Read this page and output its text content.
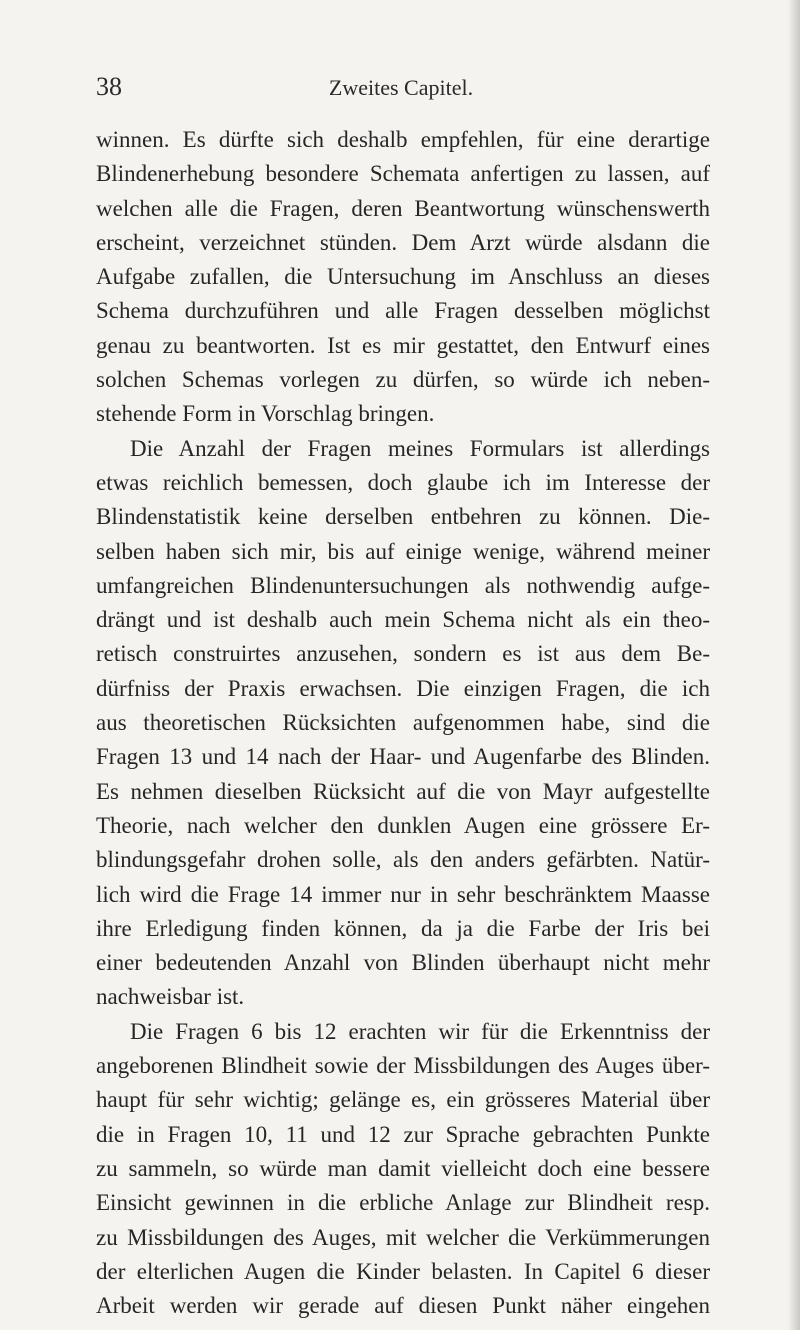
38	Zweites Capitel.
winnen. Es dürfte sich deshalb empfehlen, für eine derartige
Blindenerhebung besondere Schemata anfertigen zu lassen, auf
welchen alle die Fragen, deren Beantwortung wünschenswerth
erscheint, verzeichnet stünden. Dem Arzt würde alsdann die
Aufgabe zufallen, die Untersuchung im Anschluss an dieses
Schema durchzuführen und alle Fragen desselben möglichst
genau zu beantworten. Ist es mir gestattet, den Entwurf eines
solchen Schemas vorlegen zu dürfen, so würde ich neben-
stehende Form in Vorschlag bringen.
Die Anzahl der Fragen meines Formulars ist allerdings
etwas reichlich bemessen, doch glaube ich im Interesse der
Blindenstatistik keine derselben entbehren zu können. Die-
selben haben sich mir, bis auf einige wenige, während meiner
umfangreichen Blindenuntersuchungen als nothwendig aufge-
drängt und ist deshalb auch mein Schema nicht als ein theo-
retisch construirtes anzusehen, sondern es ist aus dem Be-
dürfniss der Praxis erwachsen. Die einzigen Fragen, die ich
aus theoretischen Rücksichten aufgenommen habe, sind die
Fragen 13 und 14 nach der Haar- und Augenfarbe des Blinden.
Es nehmen dieselben Rücksicht auf die von Mayr aufgestellte
Theorie, nach welcher den dunklen Augen eine grössere Er-
blindungsgefahr drohen solle, als den anders gefärbten. Natür-
lich wird die Frage 14 immer nur in sehr beschränktem Maasse
ihre Erledigung finden können, da ja die Farbe der Iris bei
einer bedeutenden Anzahl von Blinden überhaupt nicht mehr
nachweisbar ist.
Die Fragen 6 bis 12 erachten wir für die Erkenntniss der
angeborenen Blindheit sowie der Missbildungen des Auges über-
haupt für sehr wichtig; gelänge es, ein grösseres Material über
die in Fragen 10, 11 und 12 zur Sprache gebrachten Punkte
zu sammeln, so würde man damit vielleicht doch eine bessere
Einsicht gewinnen in die erbliche Anlage zur Blindheit resp.
zu Missbildungen des Auges, mit welcher die Verkümmerungen
der elterlichen Augen die Kinder belasten. In Capitel 6 dieser
Arbeit werden wir gerade auf diesen Punkt näher eingehen
